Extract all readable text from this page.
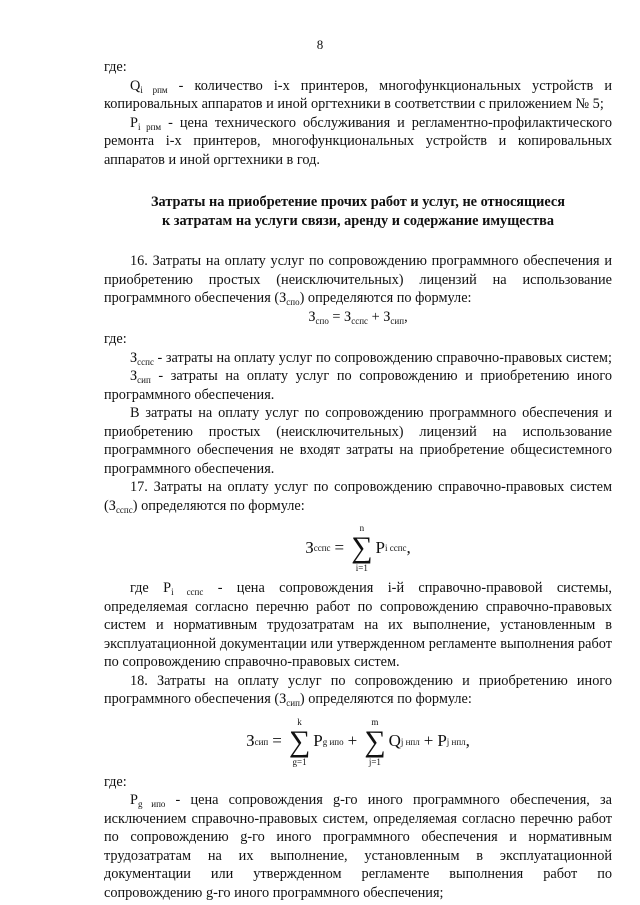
8

где:

$Q_{i рпм}$ - количество i-х принтеров, многофункциональных устройств и копировальных аппаратов и иной оргтехники в соответствии с приложением № 5;

$P_{i рпм}$ - цена технического обслуживания и регламентно-профилактического ремонта i-х принтеров, многофункциональных устройств и копировальных аппаратов и иной оргтехники в год.

Затраты на приобретение прочих работ и услуг, не относящиеся
к затратам на услуги связи, аренду и содержание имущества

16. Затраты на оплату услуг по сопровождению программного обеспечения и приобретению простых (неисключительных) лицензий на использование программного обеспечения $(З_{спо})$ определяются по формуле:

$З_{спо} = З_{сспс} + З_{сип}$,

где:

$З_{сспс}$ - затраты на оплату услуг по сопровождению справочно-правовых систем;

$З_{сип}$ - затраты на оплату услуг по сопровождению и приобретению иного программного обеспечения.

В затраты на оплату услуг по сопровождению программного обеспечения и приобретению простых (неисключительных) лицензий на использование программного обеспечения не входят затраты на приобретение общесистемного программного обеспечения.

17. Затраты на оплату услуг по сопровождению справочно-правовых систем $(З_{сспс})$ определяются по формуле:

З сспс =
n
∑
i=1
P i сспс ,

где $P_{i сспс}$ - цена сопровождения i-й справочно-правовой системы, определяемая согласно перечню работ по сопровождению справочно-правовых систем и нормативным трудозатратам на их выполнение, установленным в эксплуатационной документации или утвержденном регламенте выполнения работ по сопровождению справочно-правовых систем.

18. Затраты на оплату услуг по сопровождению и приобретению иного программного обеспечения $(З_{сип})$ определяются по формуле:

З сип =
k
∑
g=1
P g ипо +
m
∑
j=1
Q j нпл + P j нпл ,

где:

$P_{g ипо}$ - цена сопровождения g-го иного программного обеспечения, за исключением справочно-правовых систем, определяемая согласно перечню работ по сопровождению g-го иного программного обеспечения и нормативным трудозатратам на их выполнение, установленным в эксплуатационной документации или утвержденном регламенте выполнения работ по сопровождению g-го иного программного обеспечения;
